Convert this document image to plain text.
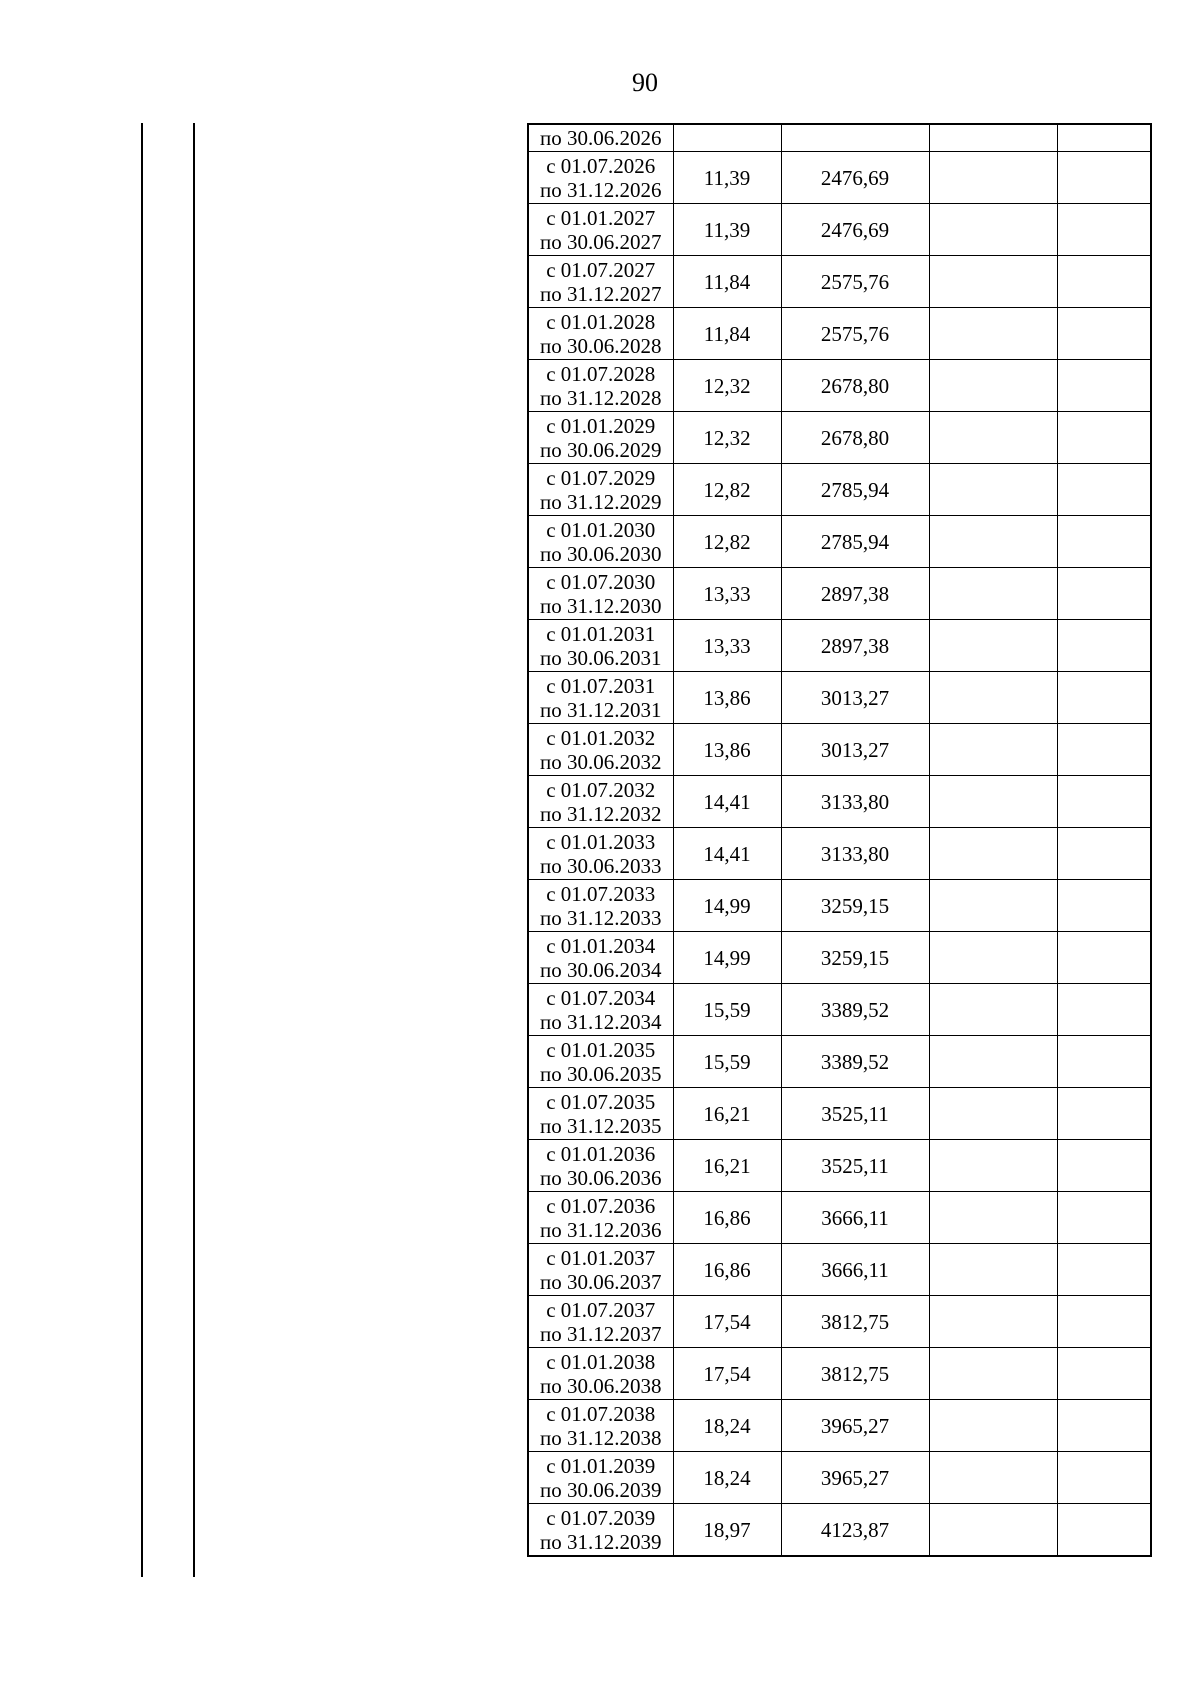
90
по 30.06.2026				

с 01.07.2026
по 31.12.2026	11,39	2476,69		

с 01.01.2027
по 30.06.2027	11,39	2476,69		

с 01.07.2027
по 31.12.2027	11,84	2575,76		

с 01.01.2028
по 30.06.2028	11,84	2575,76		

с 01.07.2028
по 31.12.2028	12,32	2678,80		

с 01.01.2029
по 30.06.2029	12,32	2678,80		

с 01.07.2029
по 31.12.2029	12,82	2785,94		

с 01.01.2030
по 30.06.2030	12,82	2785,94		

с 01.07.2030
по 31.12.2030	13,33	2897,38		

с 01.01.2031
по 30.06.2031	13,33	2897,38		

с 01.07.2031
по 31.12.2031	13,86	3013,27		

с 01.01.2032
по 30.06.2032	13,86	3013,27		

с 01.07.2032
по 31.12.2032	14,41	3133,80		

с 01.01.2033
по 30.06.2033	14,41	3133,80		

с 01.07.2033
по 31.12.2033	14,99	3259,15		

с 01.01.2034
по 30.06.2034	14,99	3259,15		

с 01.07.2034
по 31.12.2034	15,59	3389,52		

с 01.01.2035
по 30.06.2035	15,59	3389,52		

с 01.07.2035
по 31.12.2035	16,21	3525,11		

с 01.01.2036
по 30.06.2036	16,21	3525,11		

с 01.07.2036
по 31.12.2036	16,86	3666,11		

с 01.01.2037
по 30.06.2037	16,86	3666,11		

с 01.07.2037
по 31.12.2037	17,54	3812,75		

с 01.01.2038
по 30.06.2038	17,54	3812,75		

с 01.07.2038
по 31.12.2038	18,24	3965,27		

с 01.01.2039
по 30.06.2039	18,24	3965,27		

с 01.07.2039
по 31.12.2039	18,97	4123,87		
